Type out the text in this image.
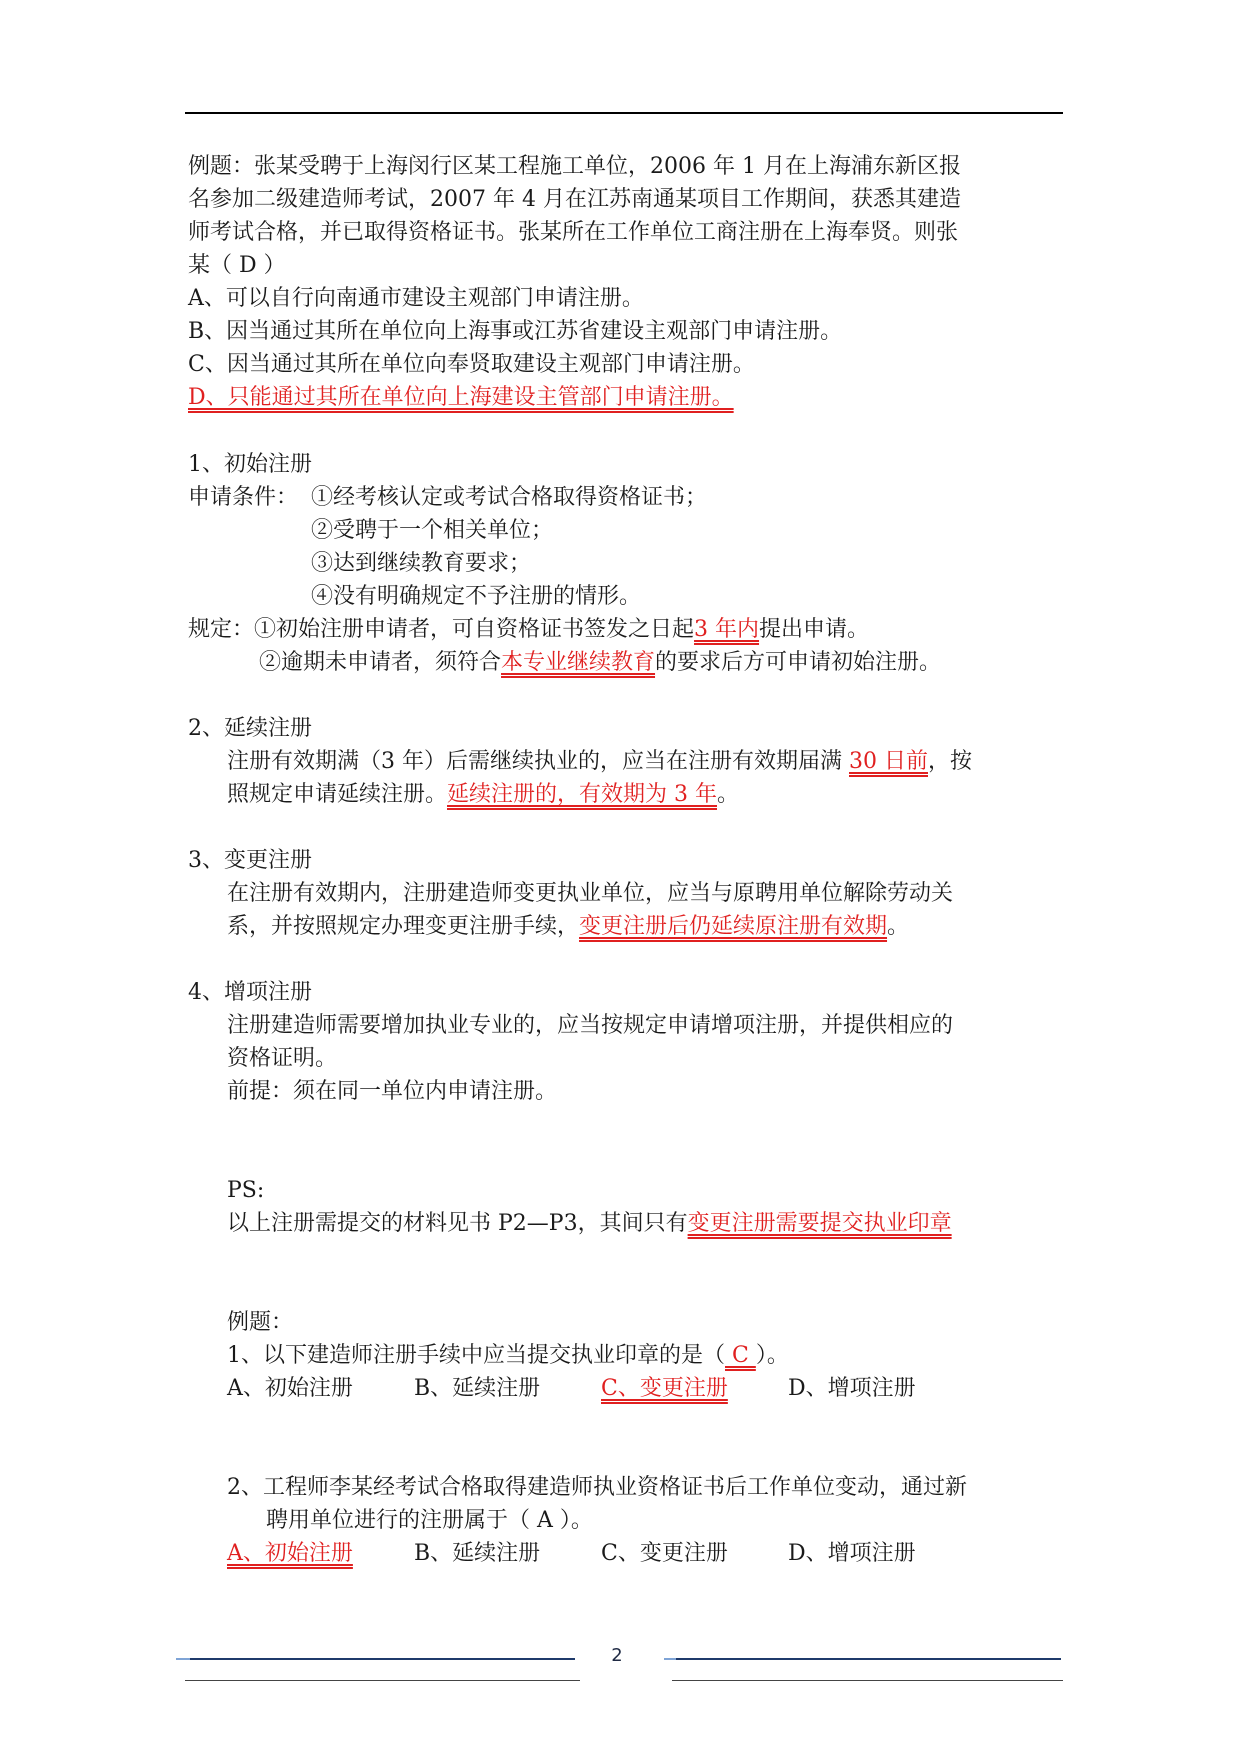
例题：张某受聘于上海闵行区某工程施工单位，2006 年 1 月在上海浦东新区报
名参加二级建造师考试，2007 年 4 月在江苏南通某项目工作期间，获悉其建造
师考试合格，并已取得资格证书。张某所在工作单位工商注册在上海奉贤。则张
某（ D ）
A、可以自行向南通市建设主观部门申请注册。
B、因当通过其所在单位向上海事或江苏省建设主观部门申请注册。
C、因当通过其所在单位向奉贤取建设主观部门申请注册。
D、只能通过其所在单位向上海建设主管部门申请注册。
1、初始注册
申请条件： ①经考核认定或考试合格取得资格证书；
②受聘于一个相关单位；
③达到继续教育要求；
④没有明确规定不予注册的情形。
规定：①初始注册申请者，可自资格证书签发之日起3 年内提出申请。
②逾期未申请者，须符合本专业继续教育的要求后方可申请初始注册。
2、延续注册
注册有效期满（3 年）后需继续执业的，应当在注册有效期届满 30 日前，按
照规定申请延续注册。延续注册的，有效期为 3 年。
3、变更注册
在注册有效期内，注册建造师变更执业单位，应当与原聘用单位解除劳动关
系，并按照规定办理变更注册手续，变更注册后仍延续原注册有效期。
4、增项注册
注册建造师需要增加执业专业的，应当按规定申请增项注册，并提供相应的
资格证明。
前提：须在同一单位内申请注册。
PS:
以上注册需提交的材料见书 P2—P3，其间只有变更注册需要提交执业印章
例题：
1、以下建造师注册手续中应当提交执业印章的是（ C ）。
A、初始注册	B、延续注册	C、变更注册	D、增项注册
2、工程师李某经考试合格取得建造师执业资格证书后工作单位变动，通过新
聘用单位进行的注册属于（ A ）。
A、初始注册	B、延续注册	C、变更注册	D、增项注册
2
